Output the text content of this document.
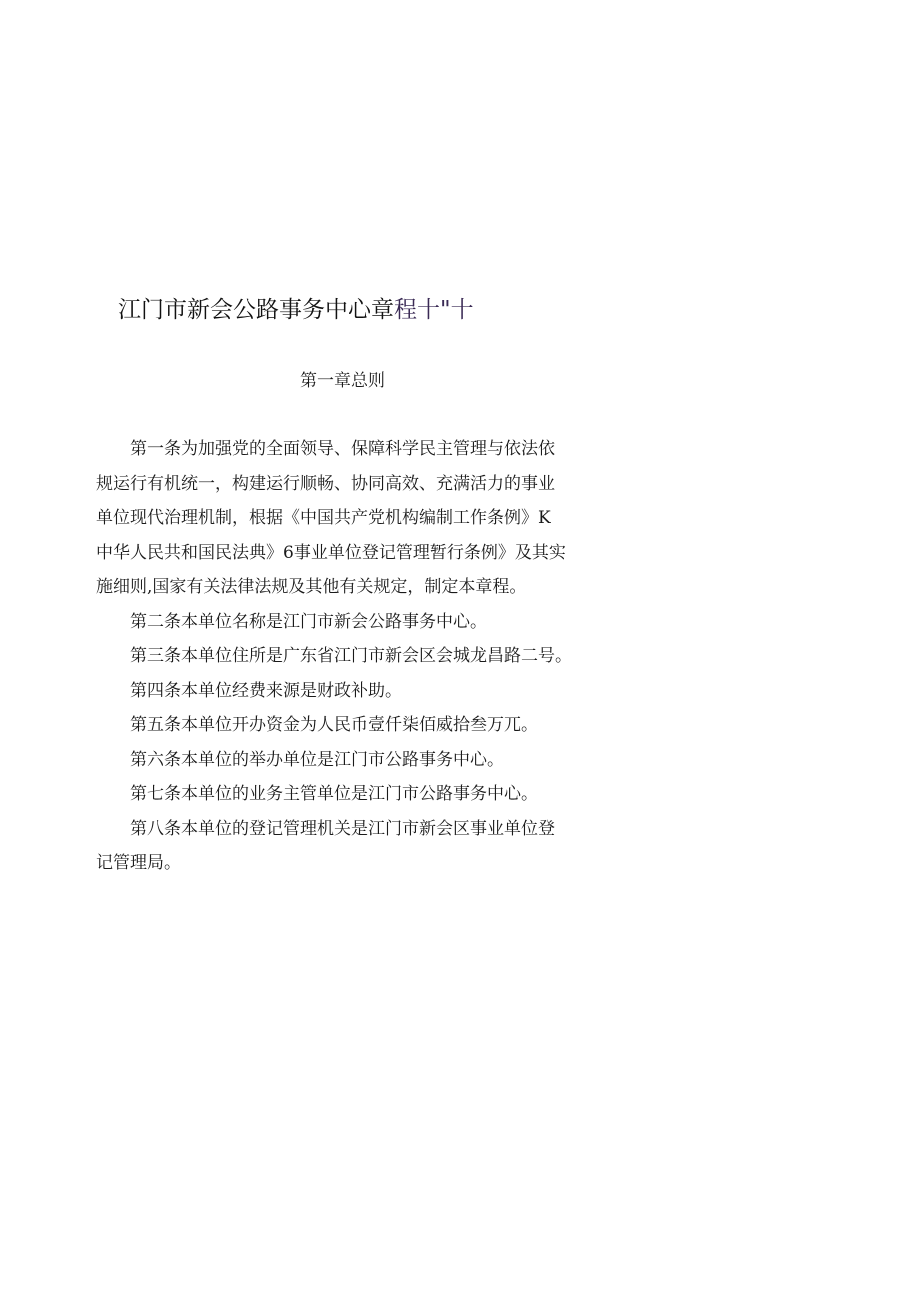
江门市新会公路事务中心章程十"十
第一章总则
第一条为加强党的全面领导、保障科学民主管理与依法依
规运行有机统一，构建运行顺畅、协同高效、充满活力的事业
单位现代治理机制，根据《中国共产党机构编制工作条例》K
中华人民共和国民法典》6事业单位登记管理暂行条例》及其实
施细则,国家有关法律法规及其他有关规定，制定本章程。
第二条本单位名称是江门市新会公路事务中心。
第三条本单位住所是广东省江门市新会区会城龙昌路二号。
第四条本单位经费来源是财政补助。
第五条本单位开办资金为人民币壹仟柒佰威拾叁万兀。
第六条本单位的举办单位是江门市公路事务中心。
第七条本单位的业务主管单位是江门市公路事务中心。
第八条本单位的登记管理机关是江门市新会区事业单位登
记管理局。
